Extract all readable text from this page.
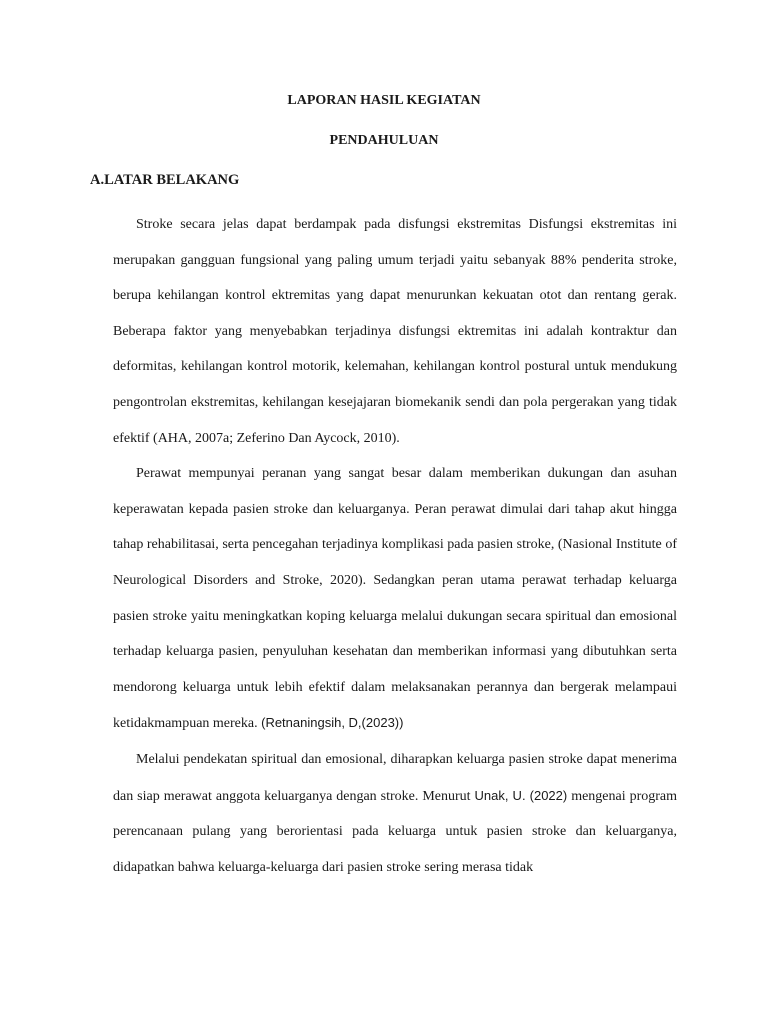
LAPORAN HASIL KEGIATAN
PENDAHULUAN
A.LATAR BELAKANG

Stroke secara jelas dapat berdampak pada disfungsi ekstremitas Disfungsi ekstremitas ini merupakan gangguan fungsional yang paling umum terjadi yaitu sebanyak 88% penderita stroke, berupa kehilangan kontrol ektremitas yang dapat menurunkan kekuatan otot dan rentang gerak. Beberapa faktor yang menyebabkan terjadinya disfungsi ektremitas ini adalah kontraktur dan deformitas, kehilangan kontrol motorik, kelemahan, kehilangan kontrol postural untuk mendukung pengontrolan ekstremitas, kehilangan kesejajaran biomekanik sendi dan pola pergerakan yang tidak efektif (AHA, 2007a; Zeferino Dan Aycock, 2010).

Perawat mempunyai peranan yang sangat besar dalam memberikan dukungan dan asuhan keperawatan kepada pasien stroke dan keluarganya. Peran perawat dimulai dari tahap akut hingga tahap rehabilitasai, serta pencegahan terjadinya komplikasi pada pasien stroke, (Nasional Institute of Neurological Disorders and Stroke, 2020). Sedangkan peran utama perawat terhadap keluarga pasien stroke yaitu meningkatkan koping keluarga melalui dukungan secara spiritual dan emosional terhadap keluarga pasien, penyuluhan kesehatan dan memberikan informasi yang dibutuhkan serta mendorong keluarga untuk lebih efektif dalam melaksanakan perannya dan bergerak melampaui ketidakmampuan mereka. (Retnaningsih, D,(2023))

Melalui pendekatan spiritual dan emosional, diharapkan keluarga pasien stroke dapat menerima dan siap merawat anggota keluarganya dengan stroke. Menurut Unak, U. (2022) mengenai program perencanaan pulang yang berorientasi pada keluarga untuk pasien stroke dan keluarganya, didapatkan bahwa keluarga-keluarga dari pasien stroke sering merasa tidak
